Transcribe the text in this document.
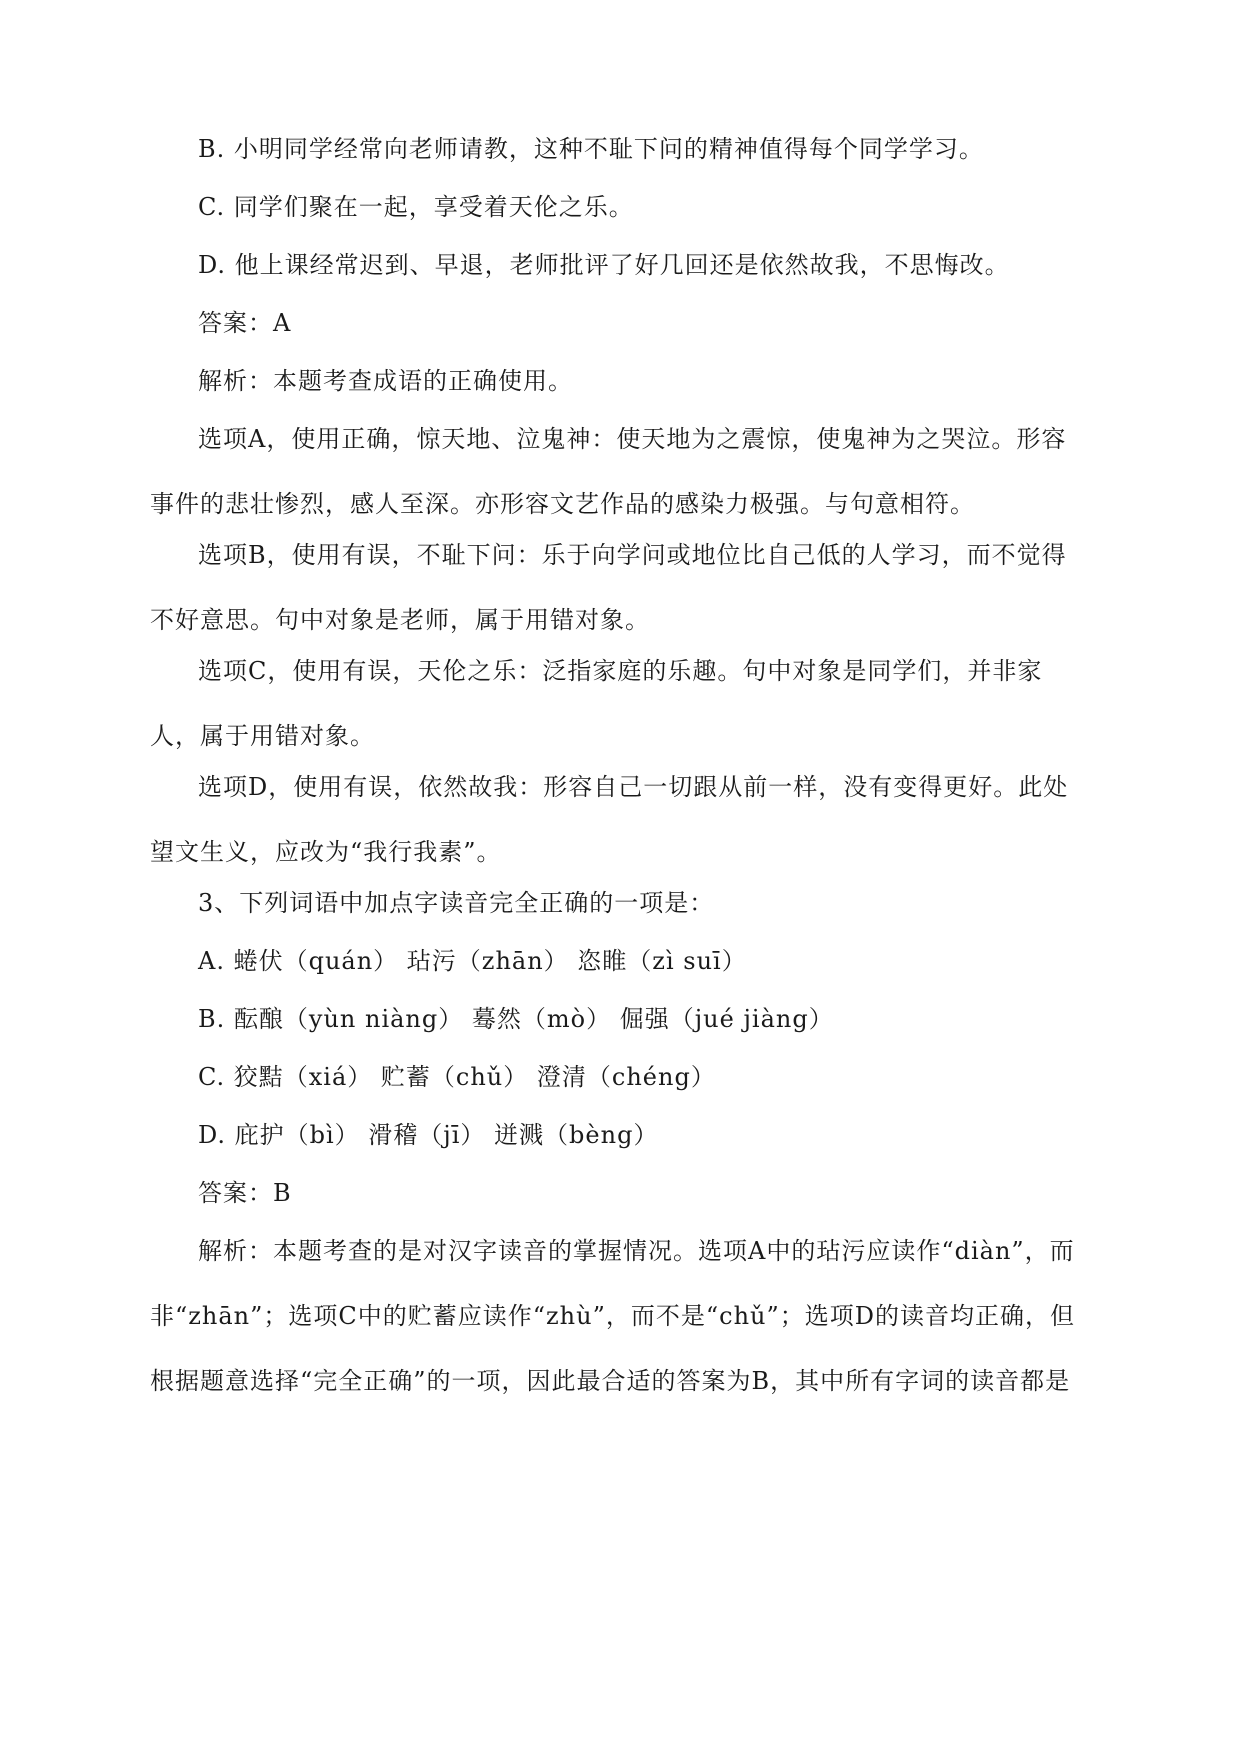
B. 小明同学经常向老师请教，这种不耻下问的精神值得每个同学学习。

C. 同学们聚在一起，享受着天伦之乐。

D. 他上课经常迟到、早退，老师批评了好几回还是依然故我，不思悔改。

答案：A

解析：本题考查成语的正确使用。

选项A，使用正确，惊天地、泣鬼神：使天地为之震惊，使鬼神为之哭泣。形容事件的悲壮惨烈，感人至深。亦形容文艺作品的感染力极强。与句意相符。

选项B，使用有误，不耻下问：乐于向学问或地位比自己低的人学习，而不觉得不好意思。句中对象是老师，属于用错对象。

选项C，使用有误，天伦之乐：泛指家庭的乐趣。句中对象是同学们，并非家人，属于用错对象。

选项D，使用有误，依然故我：形容自己一切跟从前一样，没有变得更好。此处望文生义，应改为“我行我素”。

3、下列词语中加点字读音完全正确的一项是：

A. 蜷伏（quán） 玷污（zhān） 恣睢（zì suī）

B. 酝酿（yùn niàng） 蓦然（mò） 倔强（jué jiàng）

C. 狡黠（xiá） 贮蓄（chǔ） 澄清（chéng）

D. 庇护（bì） 滑稽（jī） 迸溅（bèng）

答案：B

解析：本题考查的是对汉字读音的掌握情况。选项A中的玷污应读作“diàn”，而非“zhān”；选项C中的贮蓄应读作“zhù”，而不是“chǔ”；选项D的读音均正确，但根据题意选择“完全正确”的一项，因此最合适的答案为B，其中所有字词的读音都是
